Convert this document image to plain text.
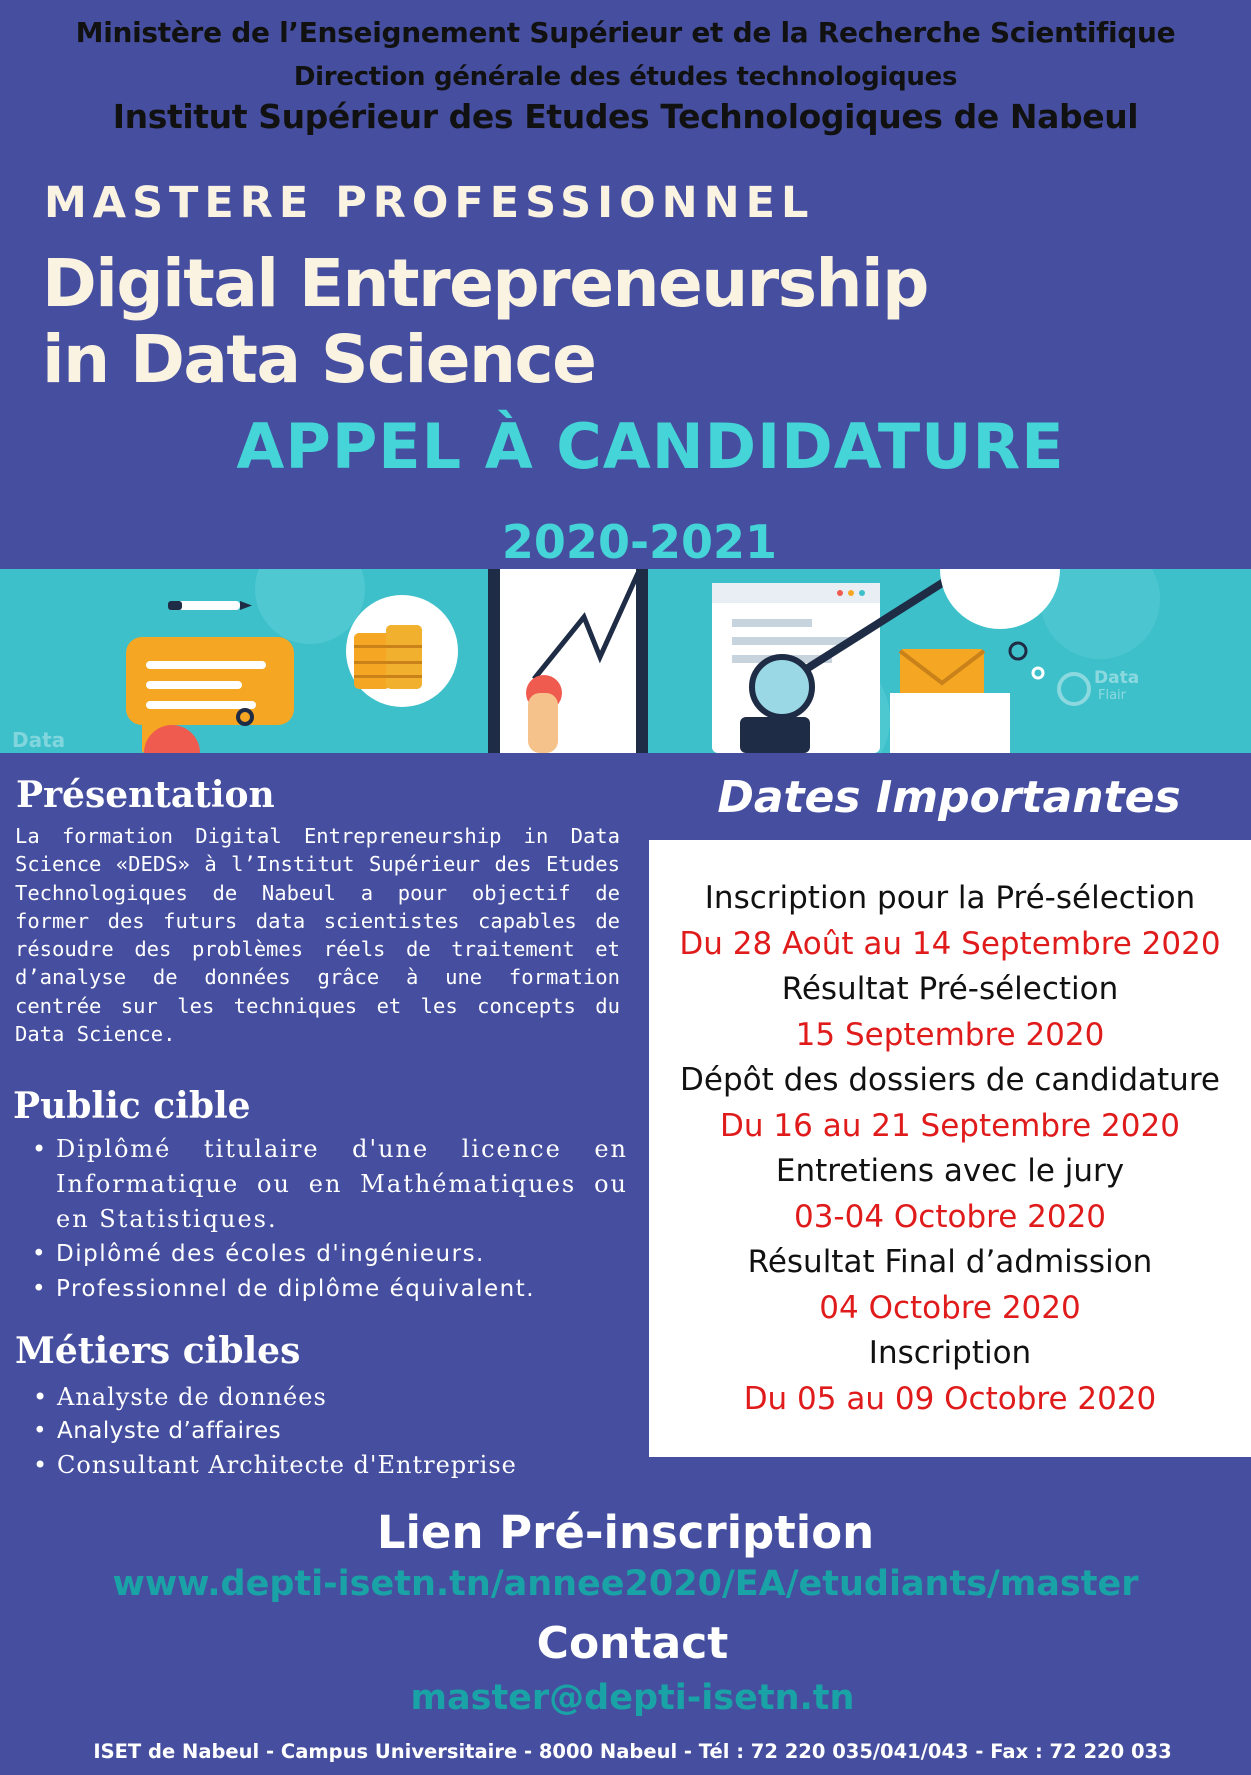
Ministère de l’Enseignement Supérieur et de la Recherche Scientifique
Direction générale des études technologiques
Institut Supérieur des Etudes Technologiques de Nabeul
MASTERE PROFESSIONNEL
Digital Entrepreneurship
in Data Science
APPEL À CANDIDATURE
2020-2021
Data
Flair
Data
Présentation
La formation Digital Entrepreneurship in Data Science «DEDS» à l’Institut Supérieur des Etudes Technologiques de Nabeul a pour objectif de former des futurs data scientistes capables de résoudre des problèmes réels de traitement et d’analyse de données grâce à une formation centrée sur les techniques et les concepts du Data Science.
Public cible
• Diplômé titulaire d'une licence en Informatique ou en Mathématiques ou en Statistiques.
• Diplômé des écoles d'ingénieurs.
• Professionnel de diplôme équivalent.
Métiers cibles
• Analyste de données
• Analyste d’affaires
• Consultant Architecte d'Entreprise
Dates Importantes
Inscription pour la Pré-sélection
Du 28 Août au 14 Septembre 2020
Résultat Pré-sélection
15 Septembre 2020
Dépôt des dossiers de candidature
Du 16 au 21 Septembre 2020
Entretiens avec le jury
03-04 Octobre 2020
Résultat Final d’admission
04 Octobre 2020
Inscription
Du 05 au 09 Octobre 2020
Lien Pré-inscription
www.depti-isetn.tn/annee2020/EA/etudiants/master
Contact
master@depti-isetn.tn
ISET de Nabeul - Campus Universitaire - 8000 Nabeul - Tél : 72 220 035/041/043 - Fax : 72 220 033
